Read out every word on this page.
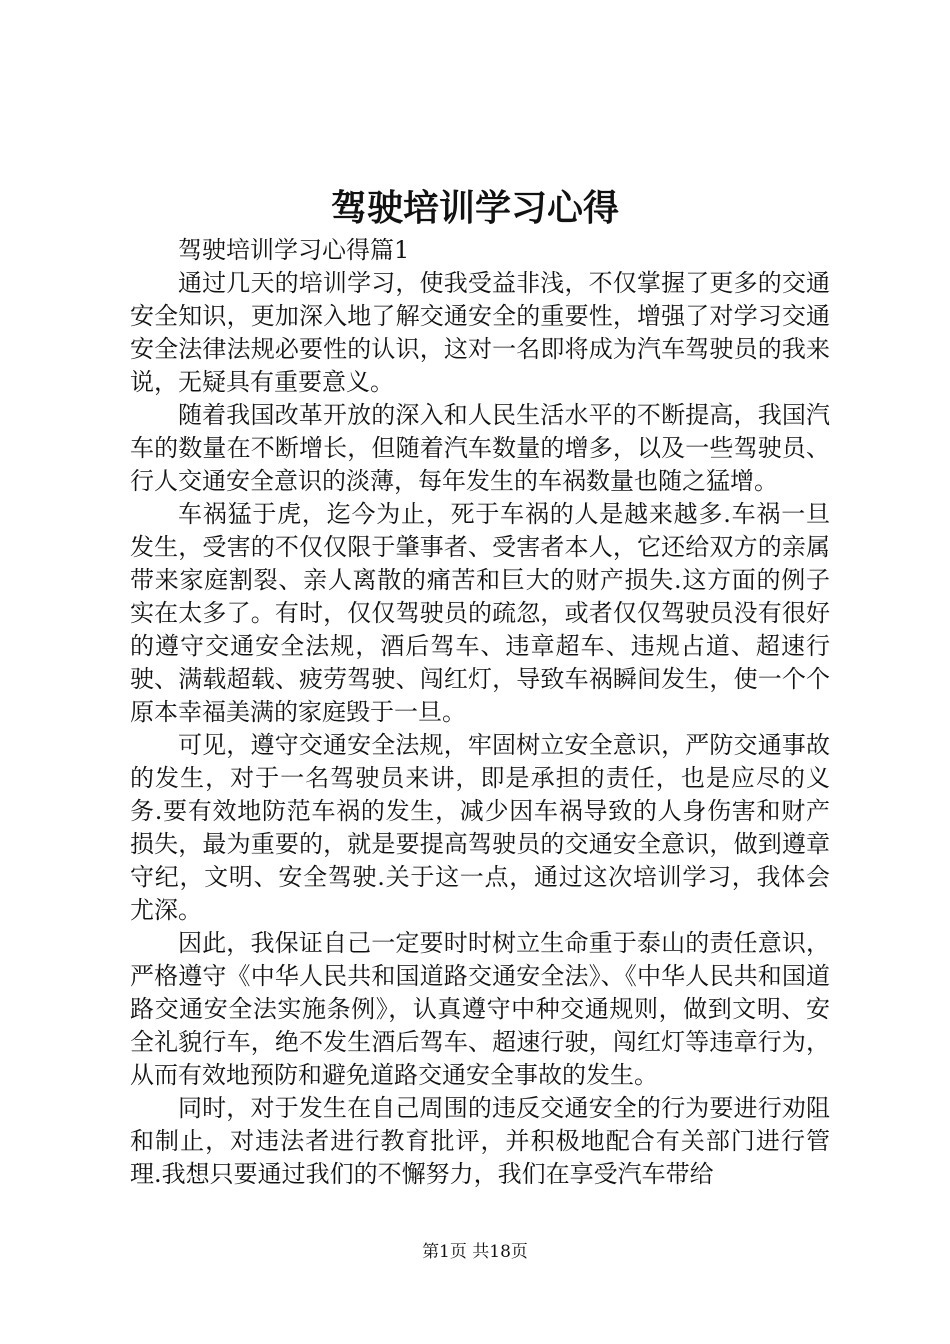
驾驶培训学习心得

驾驶培训学习心得篇1

通过几天的培训学习，使我受益非浅，不仅掌握了更多的交通安全知识，更加深入地了解交通安全的重要性，增强了对学习交通安全法律法规必要性的认识，这对一名即将成为汽车驾驶员的我来说，无疑具有重要意义。

随着我国改革开放的深入和人民生活水平的不断提高，我国汽车的数量在不断增长，但随着汽车数量的增多，以及一些驾驶员、行人交通安全意识的淡薄，每年发生的车祸数量也随之猛增。

车祸猛于虎，迄今为止，死于车祸的人是越来越多.车祸一旦发生，受害的不仅仅限于肇事者、受害者本人，它还给双方的亲属带来家庭割裂、亲人离散的痛苦和巨大的财产损失.这方面的例子实在太多了。有时，仅仅驾驶员的疏忽，或者仅仅驾驶员没有很好的遵守交通安全法规，酒后驾车、违章超车、违规占道、超速行驶、满载超载、疲劳驾驶、闯红灯，导致车祸瞬间发生，使一个个原本幸福美满的家庭毁于一旦。

可见，遵守交通安全法规，牢固树立安全意识，严防交通事故的发生，对于一名驾驶员来讲，即是承担的责任，也是应尽的义务.要有效地防范车祸的发生，减少因车祸导致的人身伤害和财产损失，最为重要的，就是要提高驾驶员的交通安全意识，做到遵章守纪，文明、安全驾驶.关于这一点，通过这次培训学习，我体会尤深。

因此，我保证自己一定要时时树立生命重于泰山的责任意识，严格遵守《中华人民共和国道路交通安全法》、《中华人民共和国道路交通安全法实施条例》，认真遵守中种交通规则，做到文明、安全礼貌行车，绝不发生酒后驾车、超速行驶，闯红灯等违章行为，从而有效地预防和避免道路交通安全事故的发生。

同时，对于发生在自己周围的违反交通安全的行为要进行劝阻和制止，对违法者进行教育批评，并积极地配合有关部门进行管理.我想只要通过我们的不懈努力，我们在享受汽车带给

第1页 共18页
